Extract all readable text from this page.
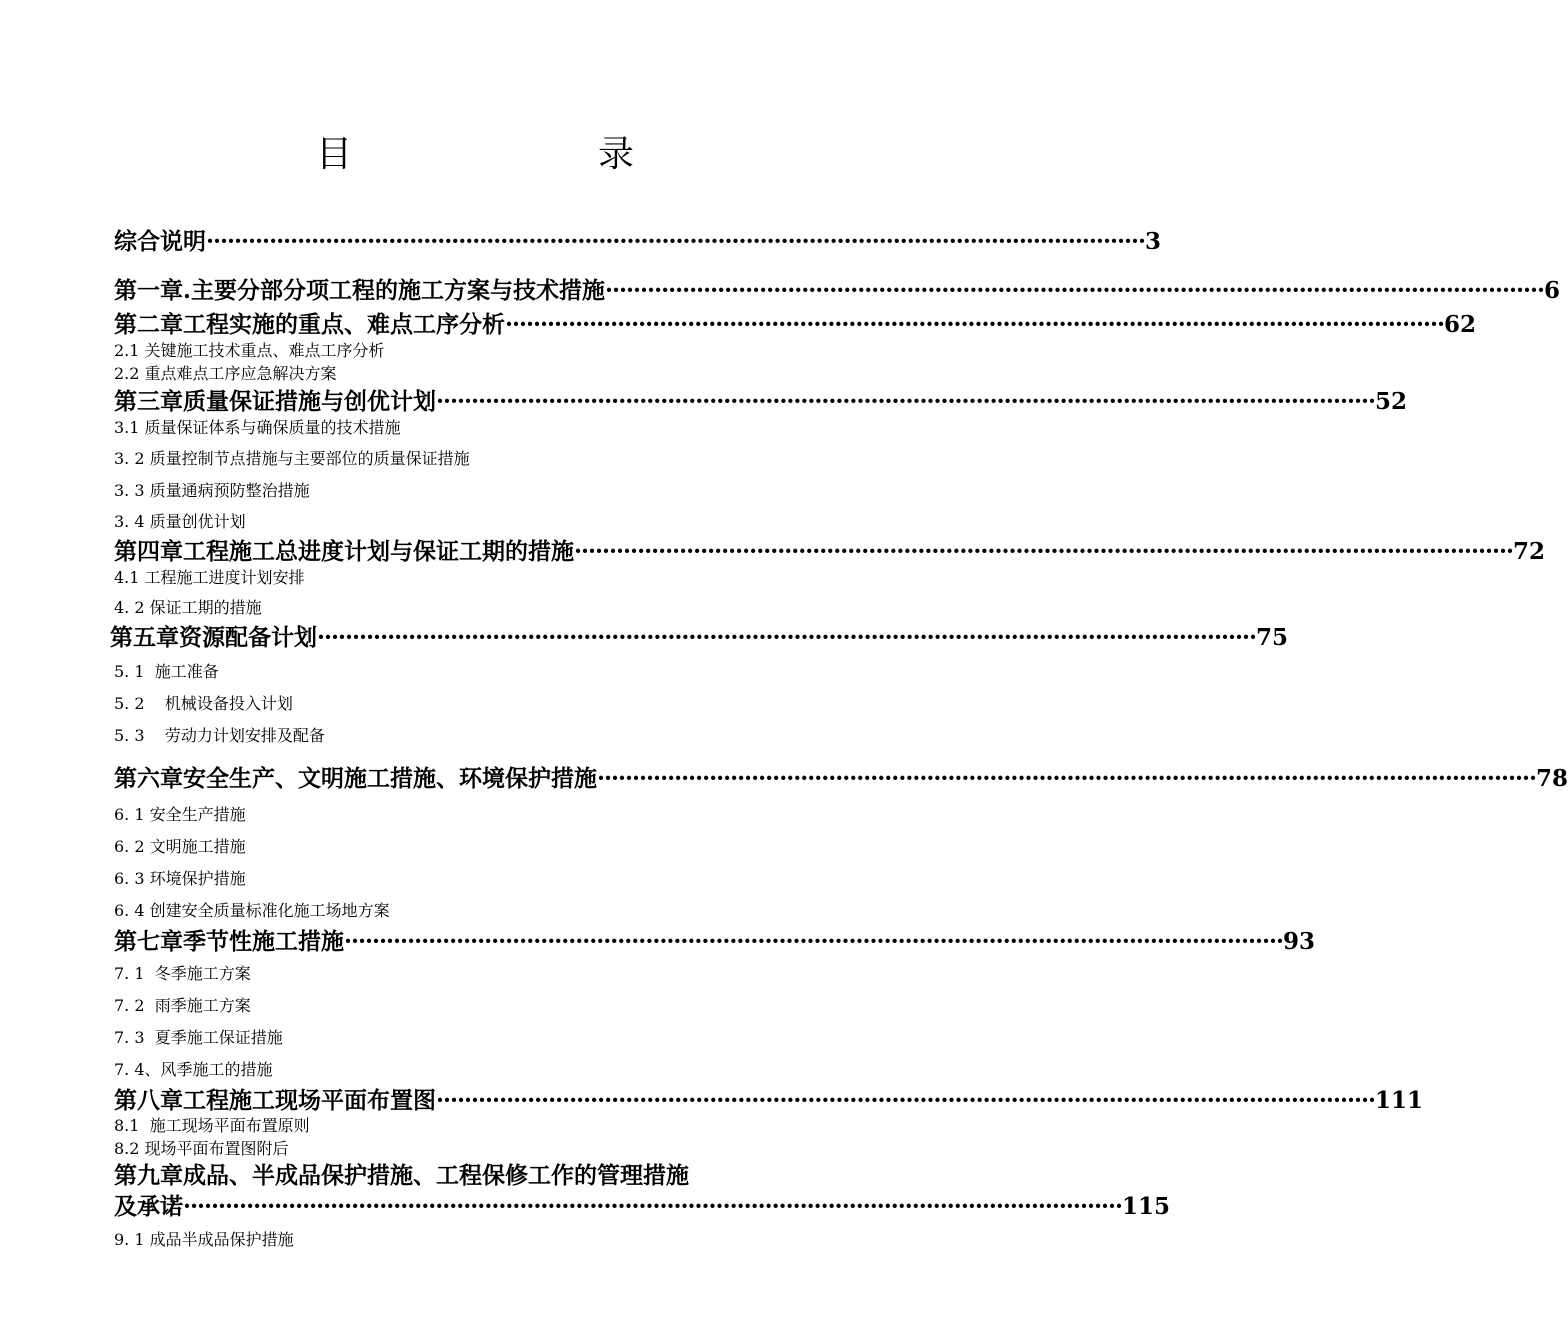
目　　录
综合说明 ······································································································································ 3
第一章.主要分部分项工程的施工方案与技术措施 ······································································································································ 6
第二章工程实施的重点、难点工序分析 ······································································································································ 62
2.1 关键施工技术重点、难点工序分析
2.2 重点难点工序应急解决方案
第三章质量保证措施与创优计划 ······································································································································ 52
3.1 质量保证体系与确保质量的技术措施
3. 2 质量控制节点措施与主要部位的质量保证措施
3. 3 质量通病预防整治措施
3. 4 质量创优计划
第四章工程施工总进度计划与保证工期的措施 ······································································································································ 72
4.1 工程施工进度计划安排
4. 2 保证工期的措施
第五章资源配备计划 ······································································································································ 75
5. 1  施工准备
5. 2    机械设备投入计划
5. 3    劳动力计划安排及配备
第六章安全生产、文明施工措施、环境保护措施 ······································································································································ 78
6. 1 安全生产措施
6. 2 文明施工措施
6. 3 环境保护措施
6. 4 创建安全质量标准化施工场地方案
第七章季节性施工措施 ······································································································································ 93
7. 1  冬季施工方案
7. 2  雨季施工方案
7. 3  夏季施工保证措施
7. 4、风季施工的措施
第八章工程施工现场平面布置图 ······································································································································ 111
8.1  施工现场平面布置原则
8.2 现场平面布置图附后
第九章成品、半成品保护措施、工程保修工作的管理措施
及承诺 ······································································································································ 115
9. 1 成品半成品保护措施
